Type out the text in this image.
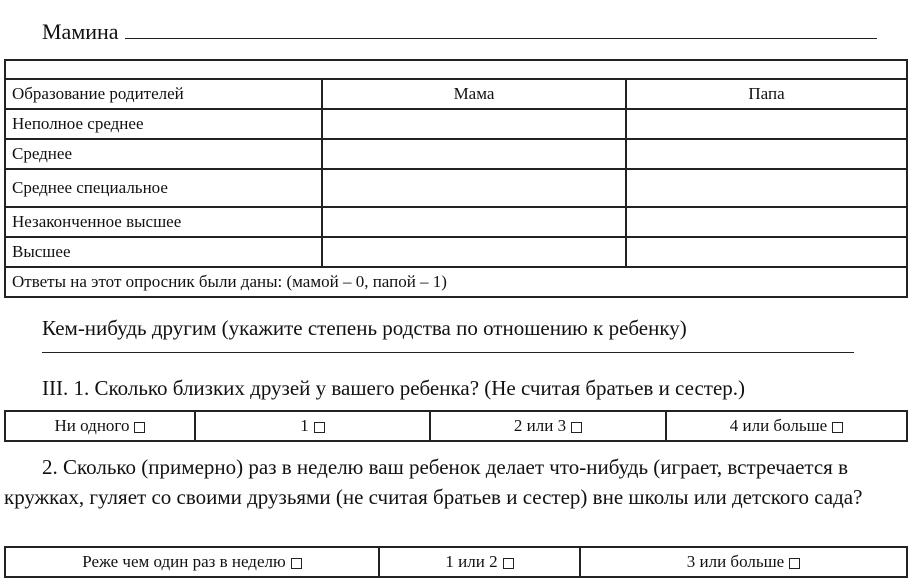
Мамина

Образование родителей	Мама	Папа
Неполное среднее		
Среднее		
Среднее специальное		
Незаконченное высшее		
Высшее		
Ответы на этот опросник были даны: (мамой – 0, папой – 1)		
Кем-нибудь другим (укажите степень родства по отношению к ребенку)
III. 1. Сколько близких друзей у вашего ребенка? (Не считая братьев и сестер.)
Ни одного	1	2 или 3	4 или больше
2. Сколько (примерно) раз в неделю ваш ребенок делает что-нибудь (играет, встречается в кружках, гуляет со своими друзьями (не считая братьев и сестер) вне школы или детского сада?
Реже чем один раз в неделю	1 или 2	3 или больше
